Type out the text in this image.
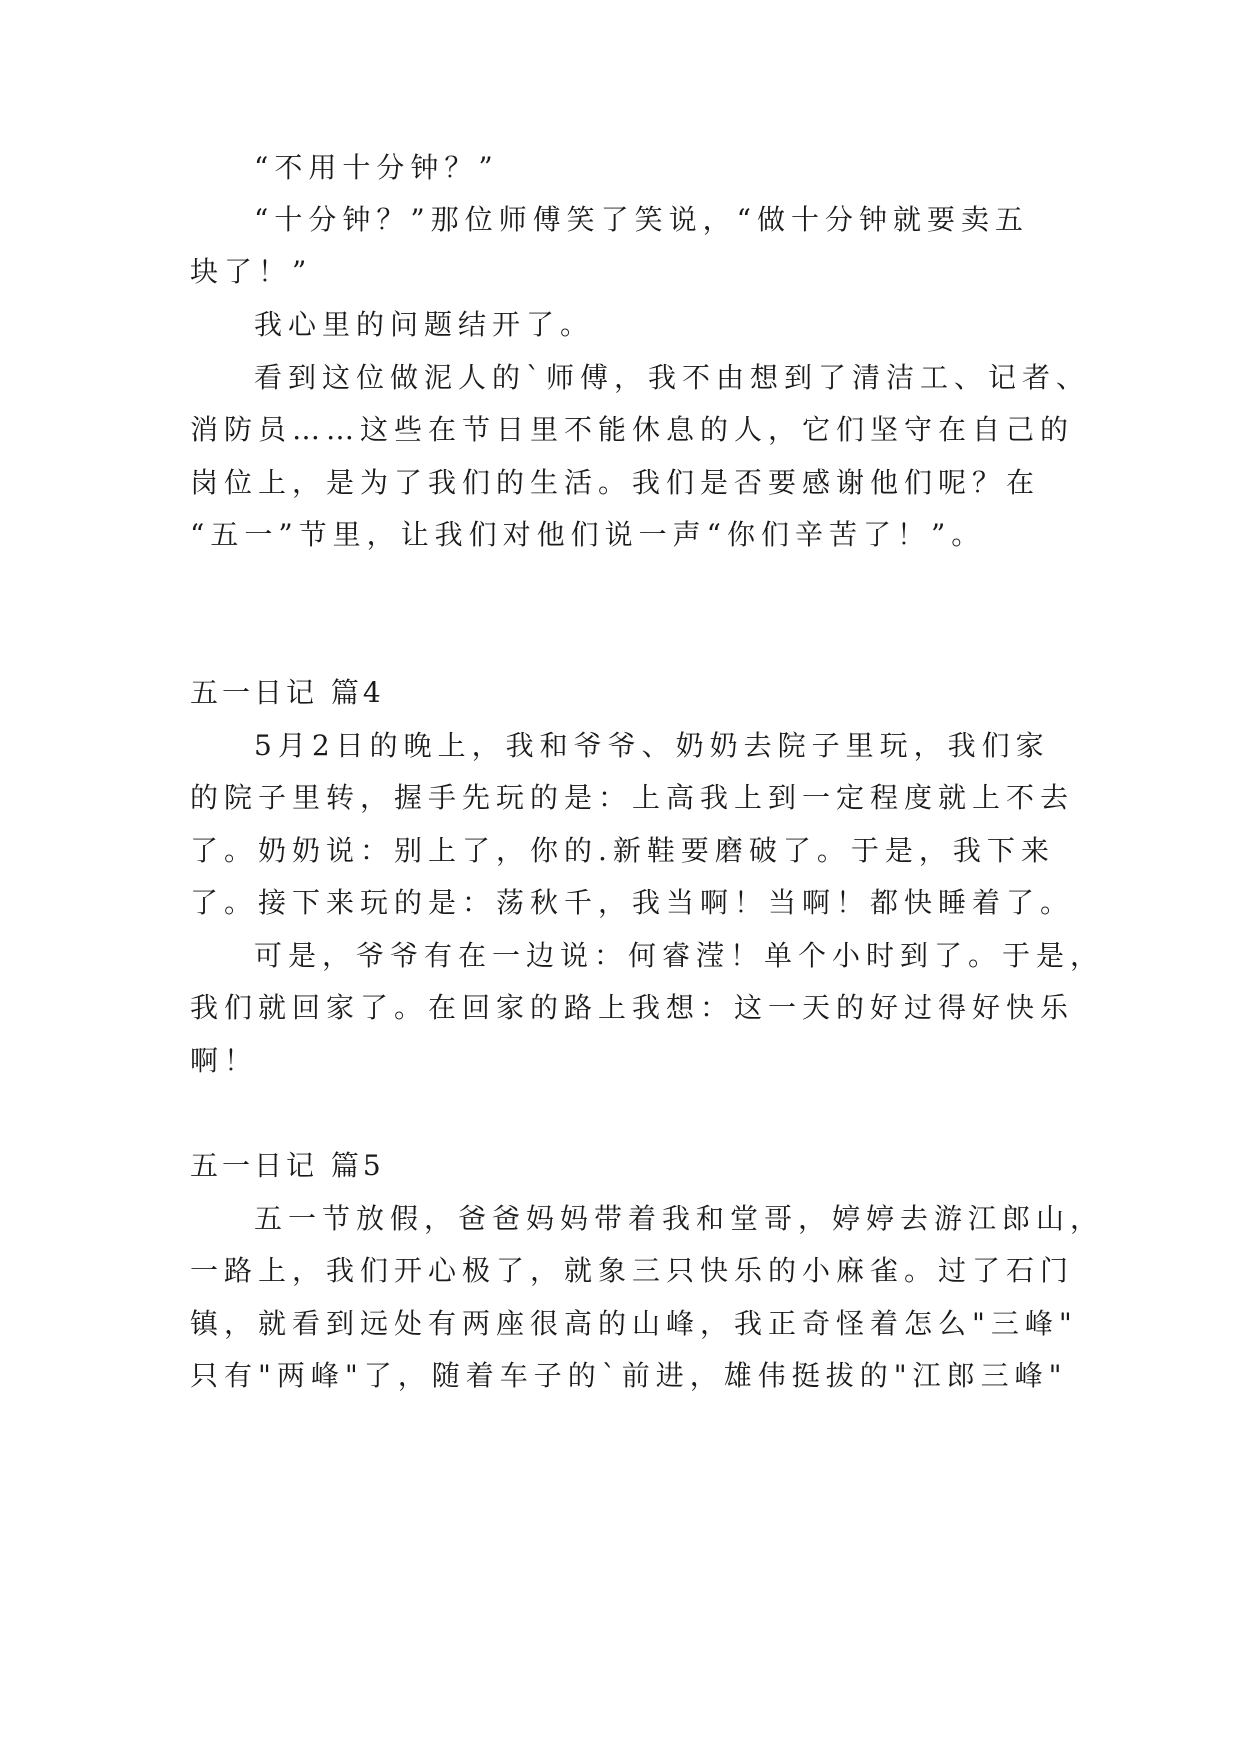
“不用十分钟？”
“十分钟？”那位师傅笑了笑说，“做十分钟就要卖五
块了！”
我心里的问题结开了。
看到这位做泥人的`师傅，我不由想到了清洁工、记者、
消防员……这些在节日里不能休息的人，它们坚守在自己的
岗位上，是为了我们的生活。我们是否要感谢他们呢？在
“五一”节里，让我们对他们说一声“你们辛苦了！”。
五一日记 篇4
5月2日的晚上，我和爷爷、奶奶去院子里玩，我们家
的院子里转，握手先玩的是：上高我上到一定程度就上不去
了。奶奶说：别上了，你的.新鞋要磨破了。于是，我下来
了。接下来玩的是：荡秋千，我当啊！当啊！都快睡着了。
可是，爷爷有在一边说：何睿滢！单个小时到了。于是，
我们就回家了。在回家的路上我想：这一天的好过得好快乐
啊！
五一日记 篇5
五一节放假，爸爸妈妈带着我和堂哥，婷婷去游江郎山，
一路上，我们开心极了，就象三只快乐的小麻雀。过了石门
镇，就看到远处有两座很高的山峰，我正奇怪着怎么"三峰"
只有"两峰"了，随着车子的`前进，雄伟挺拔的"江郎三峰"
